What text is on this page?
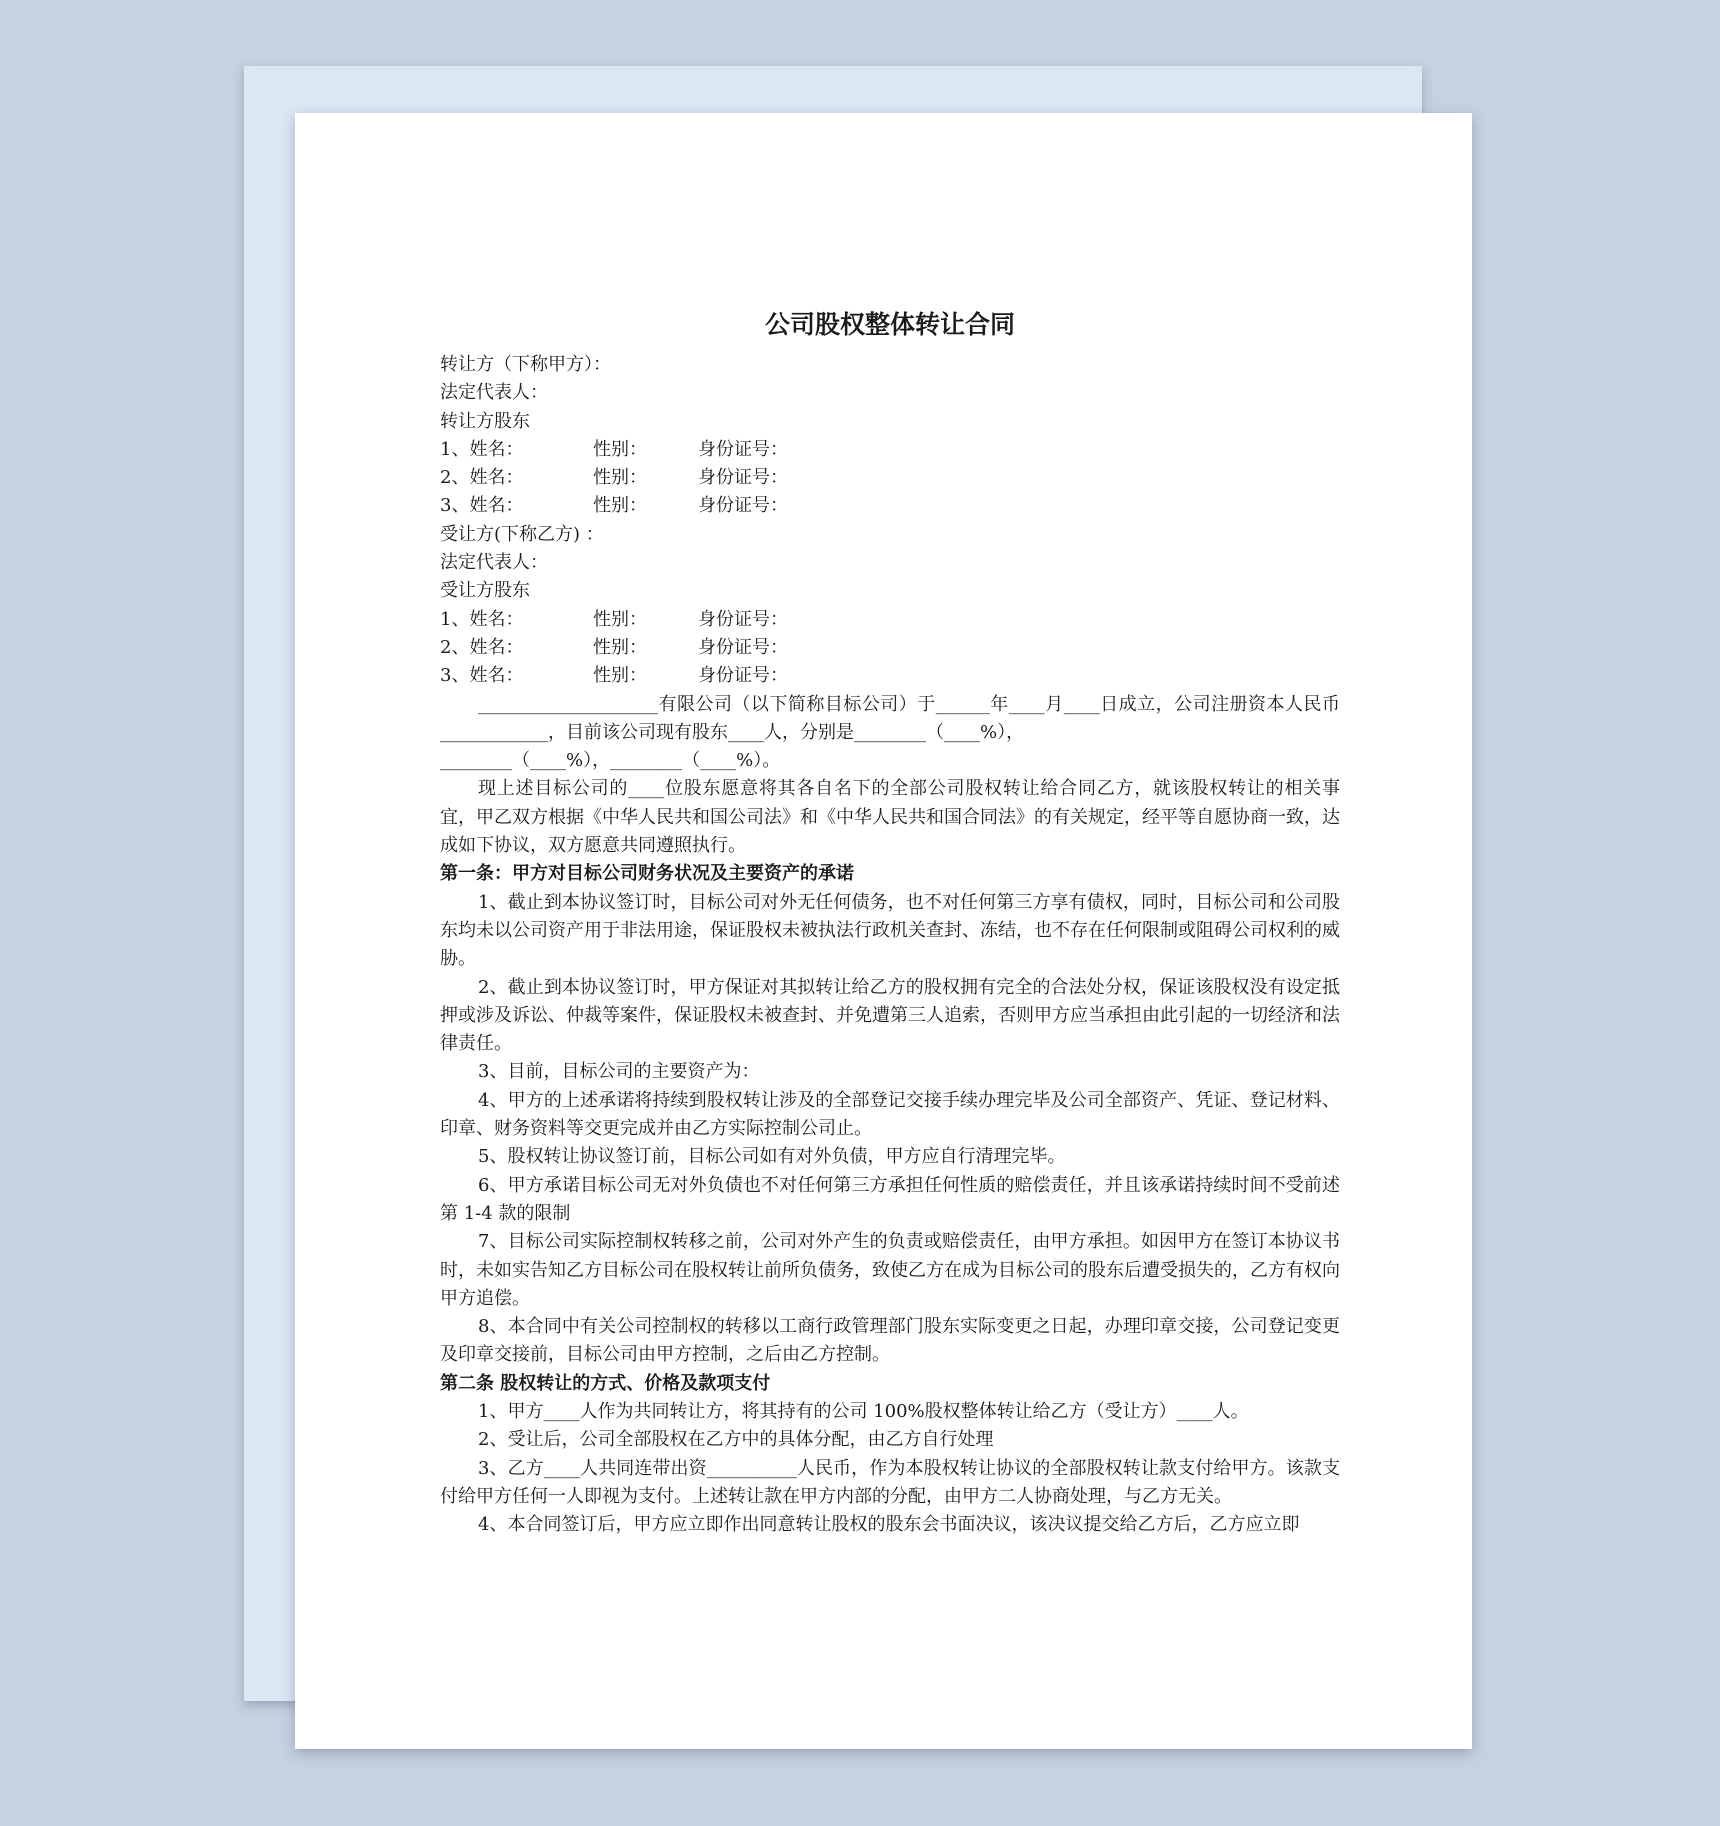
公司股权整体转让合同
转让方（下称甲方）：
法定代表人：
转让方股东
1、姓名：	性别：	身份证号：
2、姓名：	性别：	身份证号：
3、姓名：	性别：	身份证号：
受让方(下称乙方) ：
法定代表人：
受让方股东
1、姓名：	性别：	身份证号：
2、姓名：	性别：	身份证号：
3、姓名：	性别：	身份证号：
____________________有限公司（以下简称目标公司）于______年____月____日成立，公司注册资本人民币____________，目前该公司现有股东____人，分别是________（____%），
________（____%），________（____%）。
现上述目标公司的____位股东愿意将其各自名下的全部公司股权转让给合同乙方，就该股权转让的相关事宜，甲乙双方根据《中华人民共和国公司法》和《中华人民共和国合同法》的有关规定，经平等自愿协商一致，达成如下协议，双方愿意共同遵照执行。
第一条：甲方对目标公司财务状况及主要资产的承诺
1、截止到本协议签订时，目标公司对外无任何债务，也不对任何第三方享有债权，同时，目标公司和公司股东均未以公司资产用于非法用途，保证股权未被执法行政机关查封、冻结，也不存在任何限制或阻碍公司权利的威胁。
2、截止到本协议签订时，甲方保证对其拟转让给乙方的股权拥有完全的合法处分权，保证该股权没有设定抵押或涉及诉讼、仲裁等案件，保证股权未被查封、并免遭第三人追索，否则甲方应当承担由此引起的一切经济和法律责任。
3、目前，目标公司的主要资产为：
4、甲方的上述承诺将持续到股权转让涉及的全部登记交接手续办理完毕及公司全部资产、凭证、登记材料、印章、财务资料等交更完成并由乙方实际控制公司止。
5、股权转让协议签订前，目标公司如有对外负债，甲方应自行清理完毕。
6、甲方承诺目标公司无对外负债也不对任何第三方承担任何性质的赔偿责任，并且该承诺持续时间不受前述第 1-4 款的限制
7、目标公司实际控制权转移之前，公司对外产生的负责或赔偿责任，由甲方承担。如因甲方在签订本协议书时，未如实告知乙方目标公司在股权转让前所负债务，致使乙方在成为目标公司的股东后遭受损失的，乙方有权向甲方追偿。
8、本合同中有关公司控制权的转移以工商行政管理部门股东实际变更之日起，办理印章交接，公司登记变更及印章交接前，目标公司由甲方控制，之后由乙方控制。
第二条 股权转让的方式、价格及款项支付
1、甲方____人作为共同转让方，将其持有的公司 100%股权整体转让给乙方（受让方）____人。
2、受让后，公司全部股权在乙方中的具体分配，由乙方自行处理
3、乙方____人共同连带出资__________人民币，作为本股权转让协议的全部股权转让款支付给甲方。该款支付给甲方任何一人即视为支付。上述转让款在甲方内部的分配，由甲方二人协商处理，与乙方无关。
4、本合同签订后，甲方应立即作出同意转让股权的股东会书面决议，该决议提交给乙方后，乙方应立即
